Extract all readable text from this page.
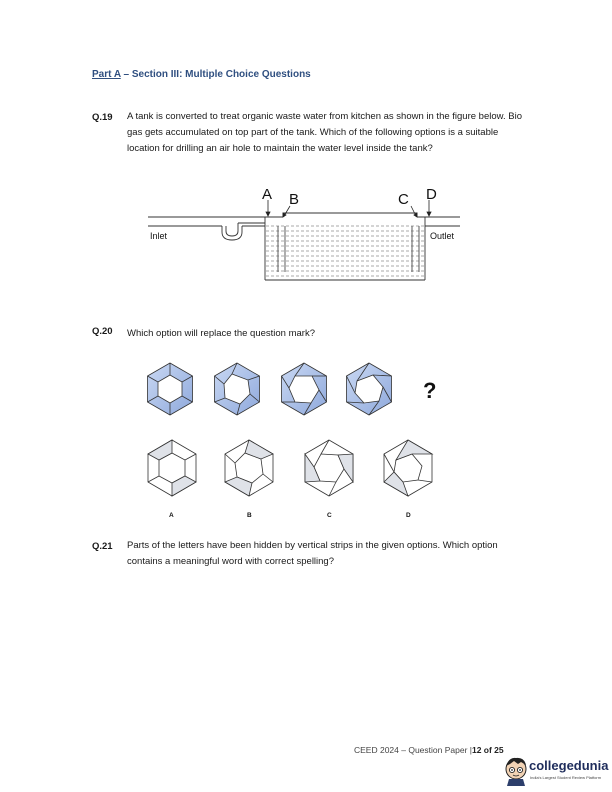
Part A – Section III: Multiple Choice Questions
Q.19 A tank is converted to treat organic waste water from kitchen as shown in the figure below. Bio gas gets accumulated on top part of the tank. Which of the following options is a suitable location for drilling an air hole to maintain the water level inside the tank?
A B	C D
Inlet	Outlet
Q.20 Which option will replace the question mark?
?
A	B	C	D
Q.21 Parts of the letters have been hidden by vertical strips in the given options. Which option contains a meaningful word with correct spelling?
CEED 2024 – Question Paper |12 of 25
collegedunia
India's Largest Student Review Platform
